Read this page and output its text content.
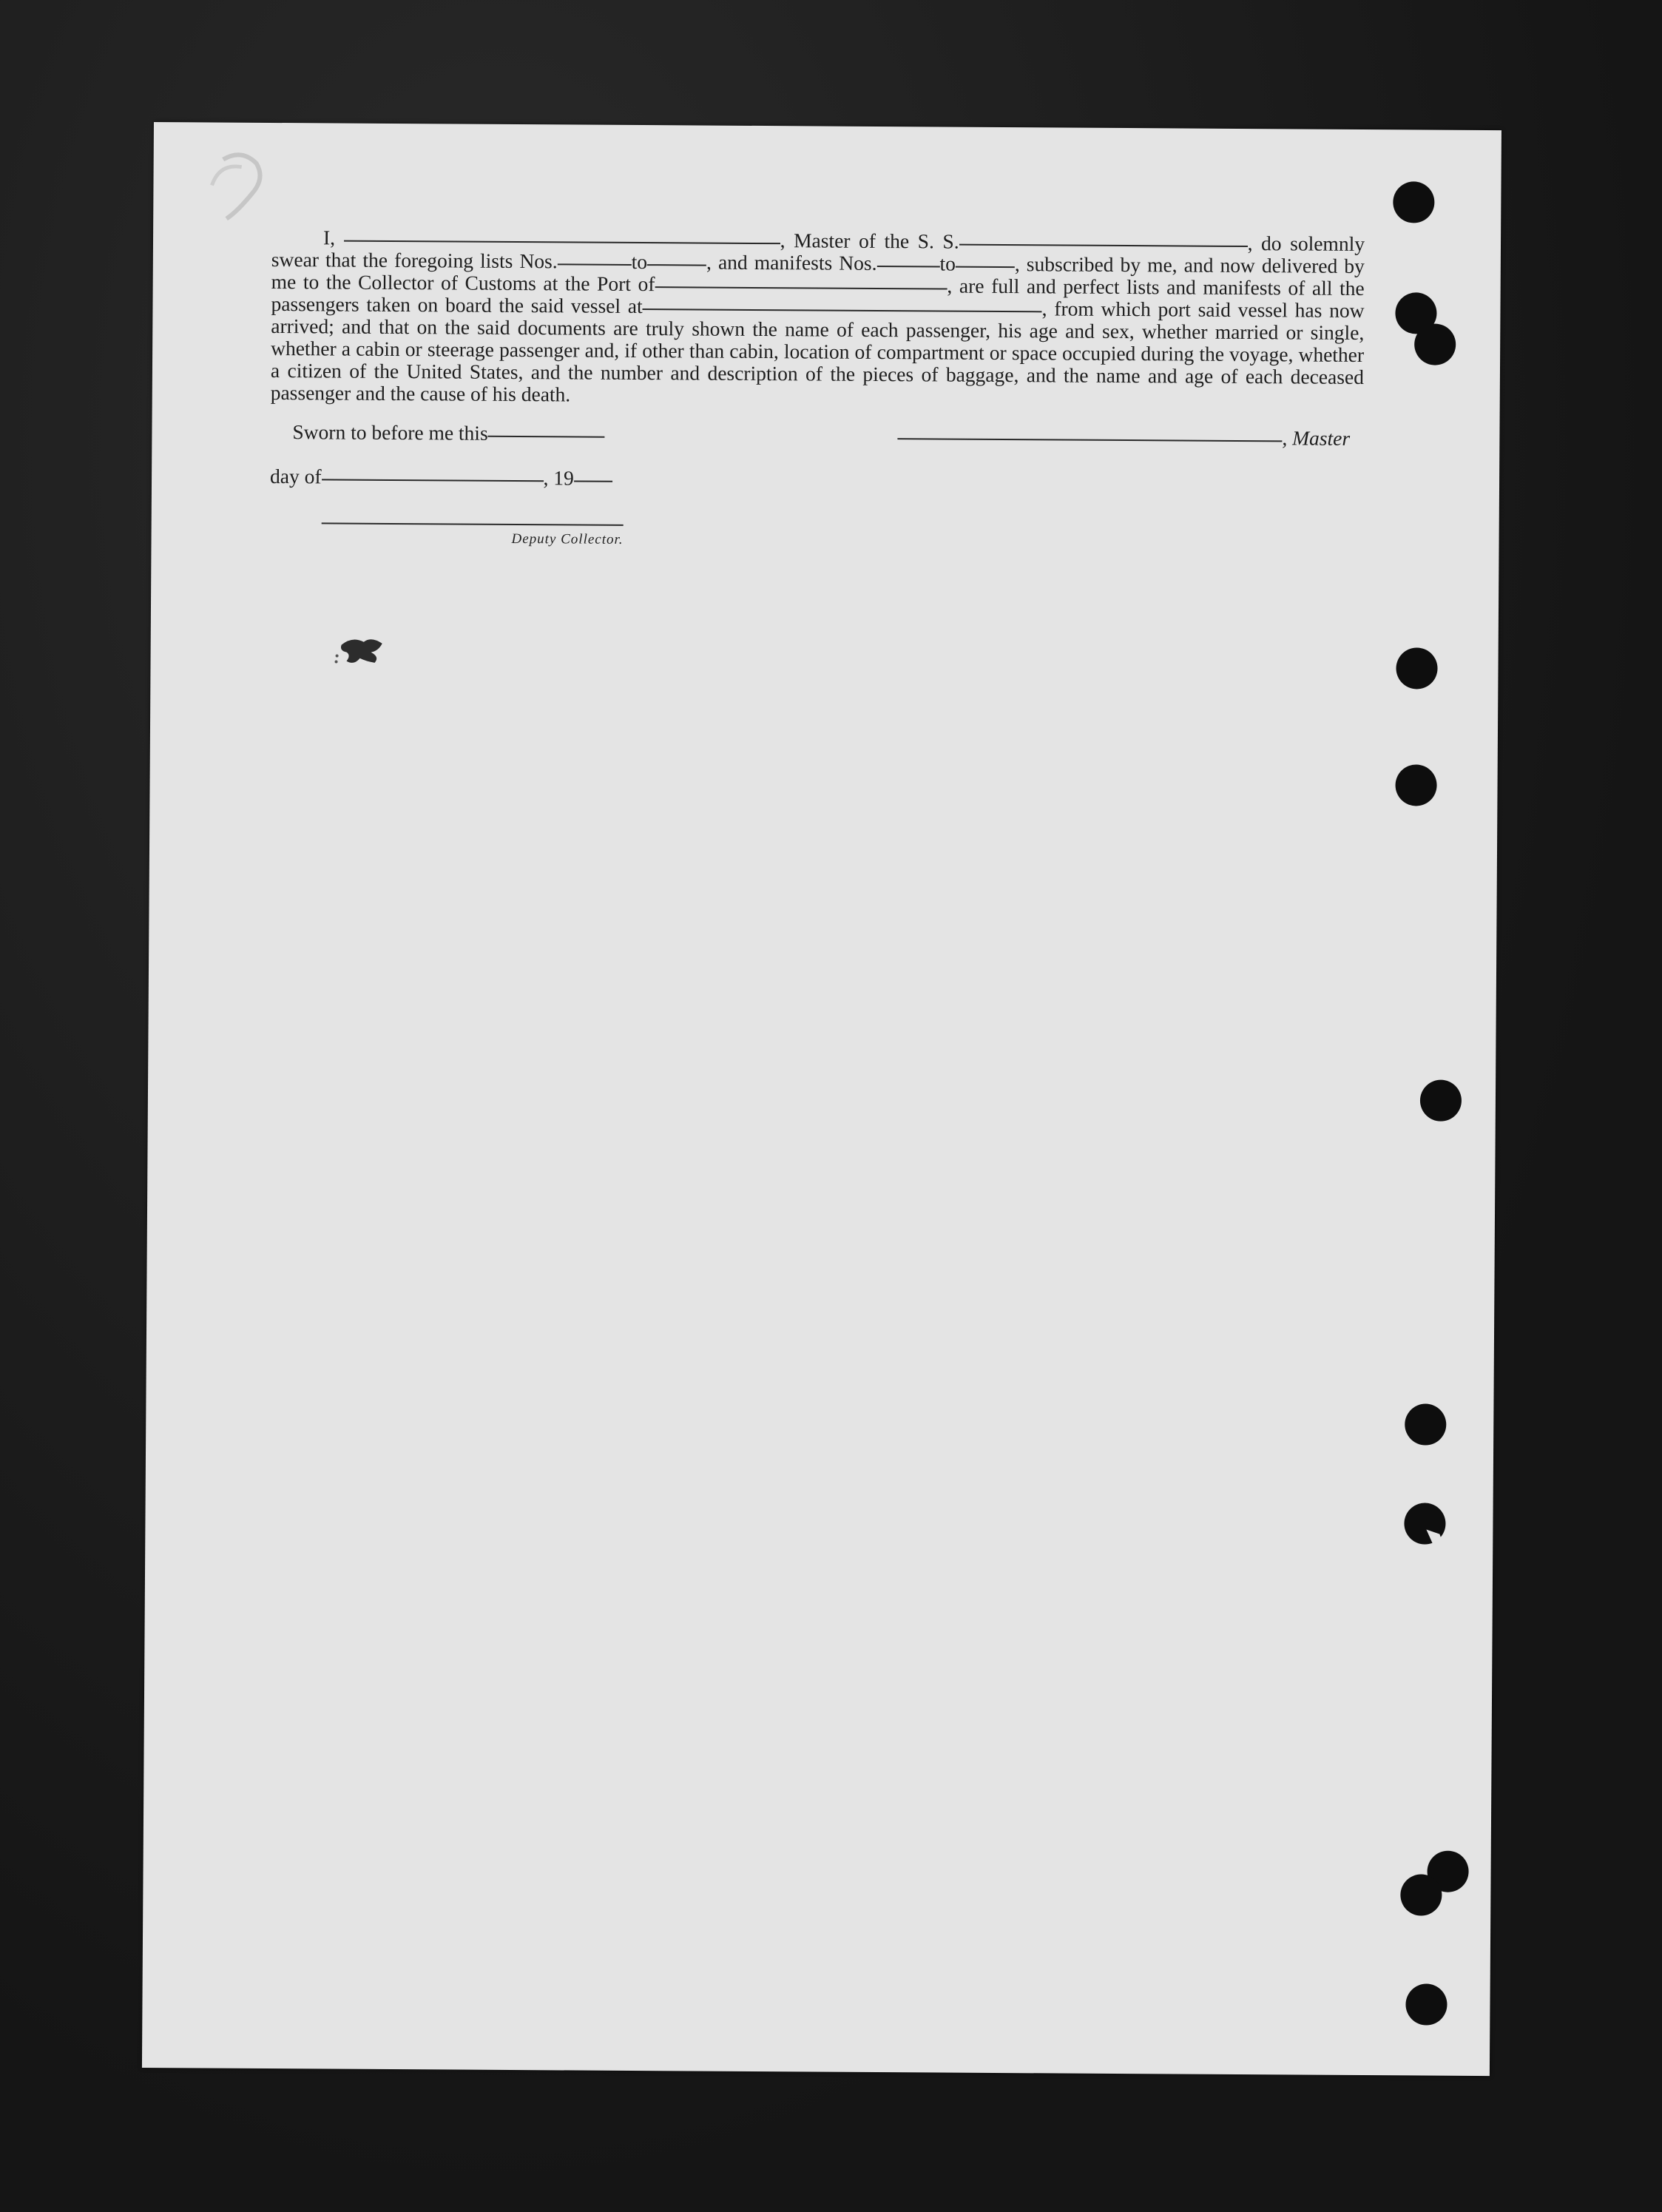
I,	, Master of the S. S.	, do solemnly swear that the foregoing lists Nos.	to	, and manifests Nos.	to	, subscribed by me, and now delivered by me to the Collector of Customs at the Port of	, are full and perfect lists and manifests of all the passengers taken on board the said vessel at	, from which port said vessel has now arrived; and that on the said documents are truly shown the name of each passenger, his age and sex, whether married or single, whether a cabin or steerage passenger and, if other than cabin, location of compartment or space occupied during the voyage, whether a citizen of the United States, and the number and description of the pieces of baggage, and the name and age of each deceased passenger and the cause of his death.

Sworn to before me this	, Master
day of	, 19
Deputy Collector.
